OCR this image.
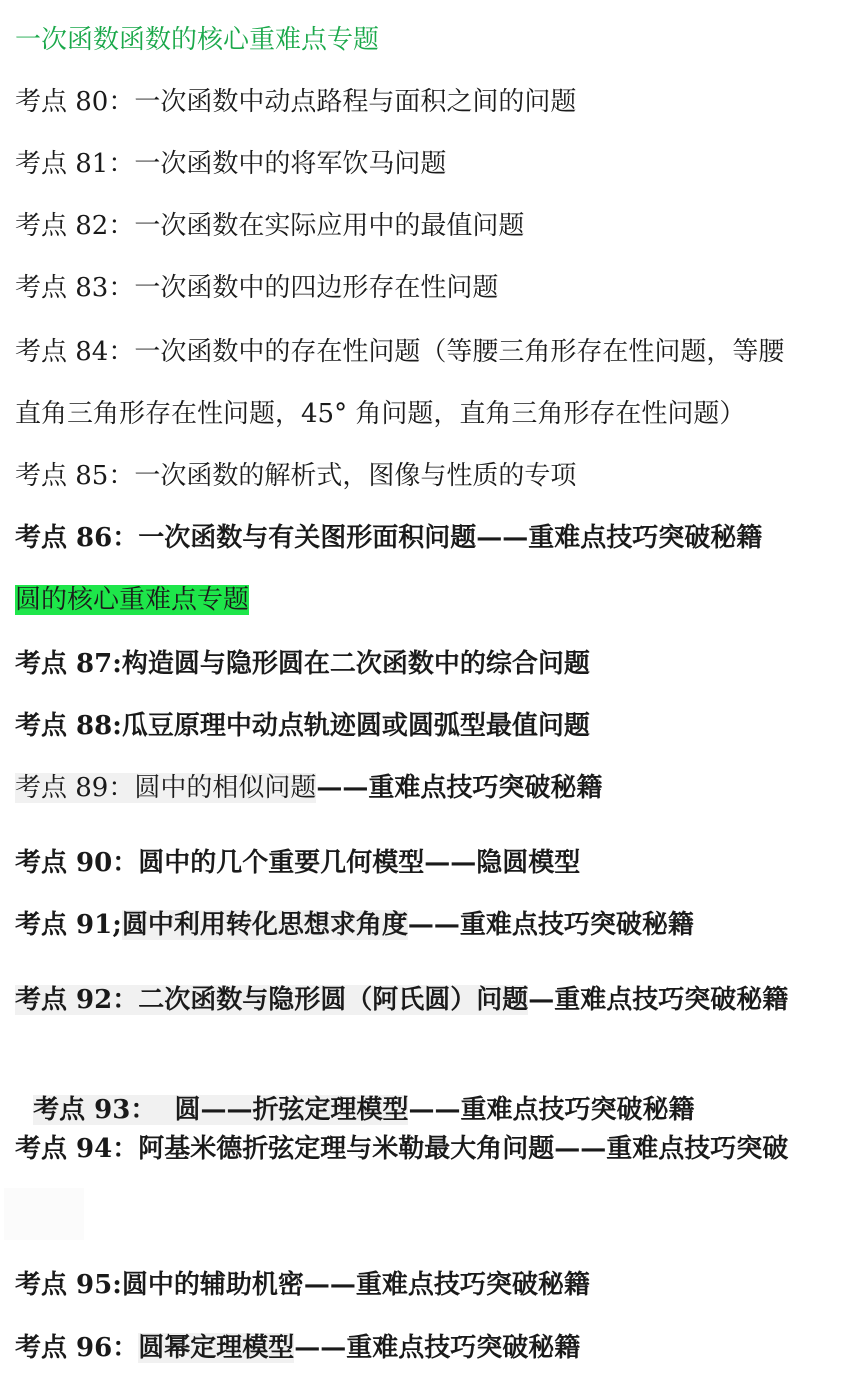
一次函数函数的核心重难点专题
考点 80：一次函数中动点路程与面积之间的问题
考点 81：一次函数中的将军饮马问题
考点 82：一次函数在实际应用中的最值问题
考点 83：一次函数中的四边形存在性问题
考点 84：一次函数中的存在性问题（等腰三角形存在性问题，等腰
直角三角形存在性问题，45° 角问题，直角三角形存在性问题）
考点 85：一次函数的解析式，图像与性质的专项
考点 86：一次函数与有关图形面积问题——重难点技巧突破秘籍
圆的核心重难点专题
考点 87:构造圆与隐形圆在二次函数中的综合问题
考点 88:瓜豆原理中动点轨迹圆或圆弧型最值问题
考点 89：圆中的相似问题——重难点技巧突破秘籍
考点 90：圆中的几个重要几何模型——隐圆模型
考点 91;圆中利用转化思想求角度——重难点技巧突破秘籍
考点 92：二次函数与隐形圆（阿氏圆）问题—重难点技巧突破秘籍

考点 93：  圆——折弦定理模型——重难点技巧突破秘籍

考点 94：阿基米德折弦定理与米勒最大角问题——重难点技巧突破
考点 95:圆中的辅助机密——重难点技巧突破秘籍
考点 96：圆幂定理模型——重难点技巧突破秘籍
